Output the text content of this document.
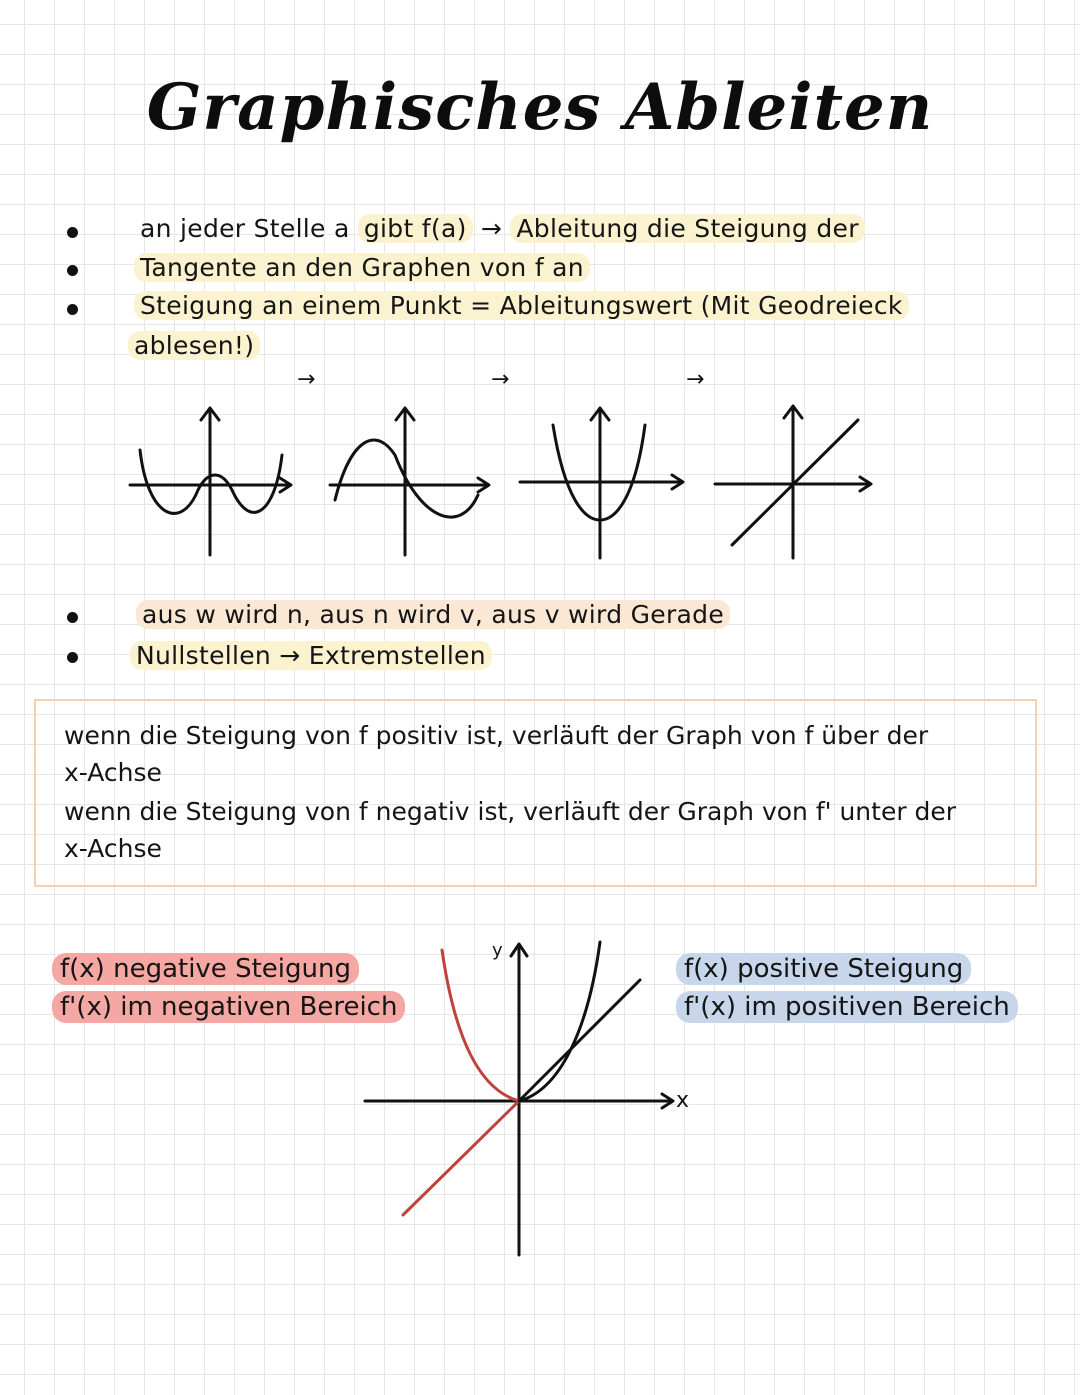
Graphisches Ableiten
an jeder Stelle a gibt f(a) → Ableitung die Steigung der
Tangente an den Graphen von f an
Steigung an einem Punkt = Ableitungswert (Mit Geodreieck
ablesen!)
→	→	→
aus w wird n, aus n wird v, aus v wird Gerade
Nullstellen → Extremstellen
wenn die Steigung von f positiv ist, verläuft der Graph von f über der
x-Achse
wenn die Steigung von f negativ ist, verläuft der Graph von f' unter der
x-Achse
f(x) negative Steigung
f'(x) im negativen Bereich
f(x) positive Steigung
f'(x) im positiven Bereich
y
x
